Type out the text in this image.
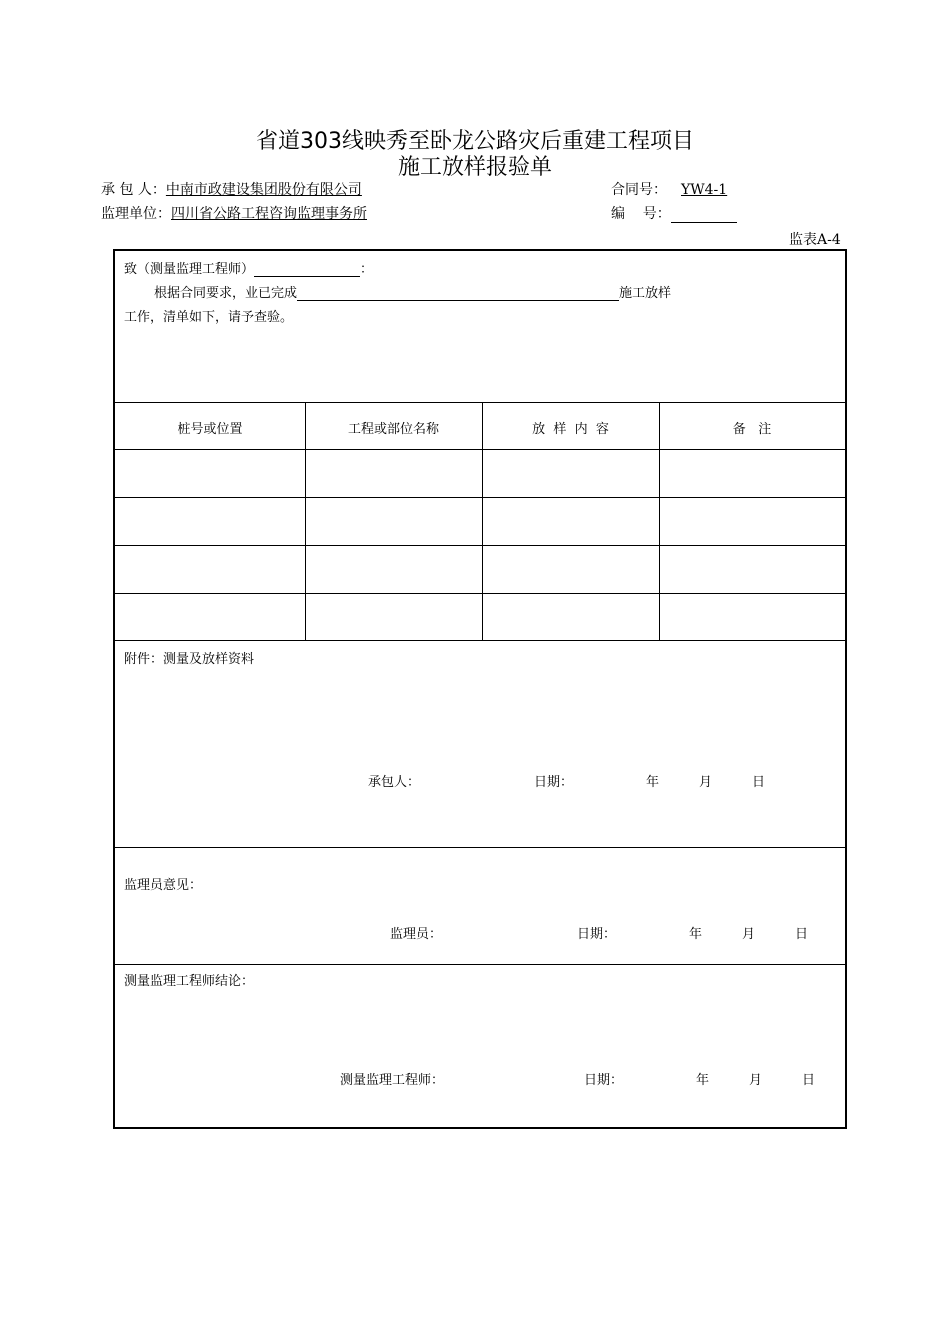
省道303线映秀至卧龙公路灾后重建工程项目
施工放样报验单
承 包 人：中南市政建设集团股份有限公司	合同号： YW4-1
监理单位：四川省公路工程咨询监理事务所	编    号：
监表A-4
致（测量监理工程师）	：
根据合同要求，业已完成	施工放样
工作，清单如下，请予查验。
桩号或位置	工程或部位名称	放  样  内  容	备   注
附件：测量及放样资料
承包人：	日期：	年	月	日
监理员意见：
监理员：	日期：	年	月	日
测量监理工程师结论：
测量监理工程师：	日期：	年	月	日
